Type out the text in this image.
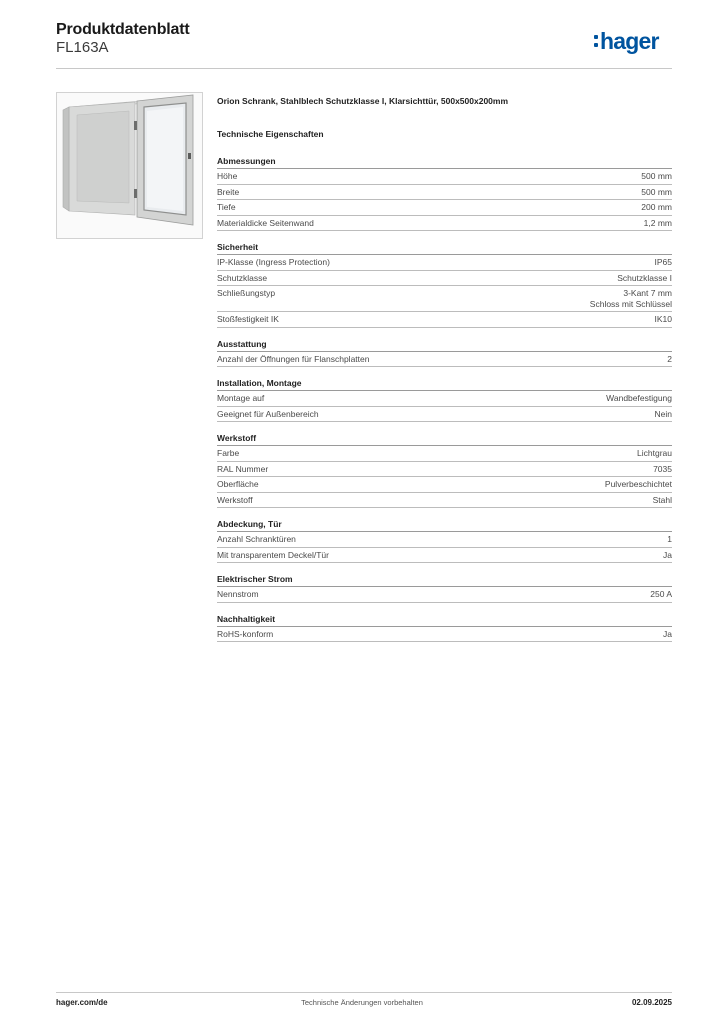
Produktdatenblatt
FL163A	hager
Orion Schrank, Stahlblech Schutzklasse I, Klarsichttür, 500x500x200mm
Technische Eigenschaften
Abmessungen
Höhe	500 mm
Breite	500 mm
Tiefe	200 mm
Materialdicke Seitenwand	1,2 mm
Sicherheit
IP-Klasse (Ingress Protection)	IP65
Schutzklasse	Schutzklasse I
Schließungstyp	3-Kant 7 mm
Schloss mit Schlüssel
Stoßfestigkeit IK	IK10
Ausstattung
Anzahl der Öffnungen für Flanschplatten	2
Installation, Montage
Montage auf	Wandbefestigung
Geeignet für Außenbereich	Nein
Werkstoff
Farbe	Lichtgrau
RAL Nummer	7035
Oberfläche	Pulverbeschichtet
Werkstoff	Stahl
Abdeckung, Tür
Anzahl Schranktüren	1
Mit transparentem Deckel/Tür	Ja
Elektrischer Strom
Nennstrom	250 A
Nachhaltigkeit
RoHS-konform	Ja
hager.com/de	Technische Änderungen vorbehalten	02.09.2025
